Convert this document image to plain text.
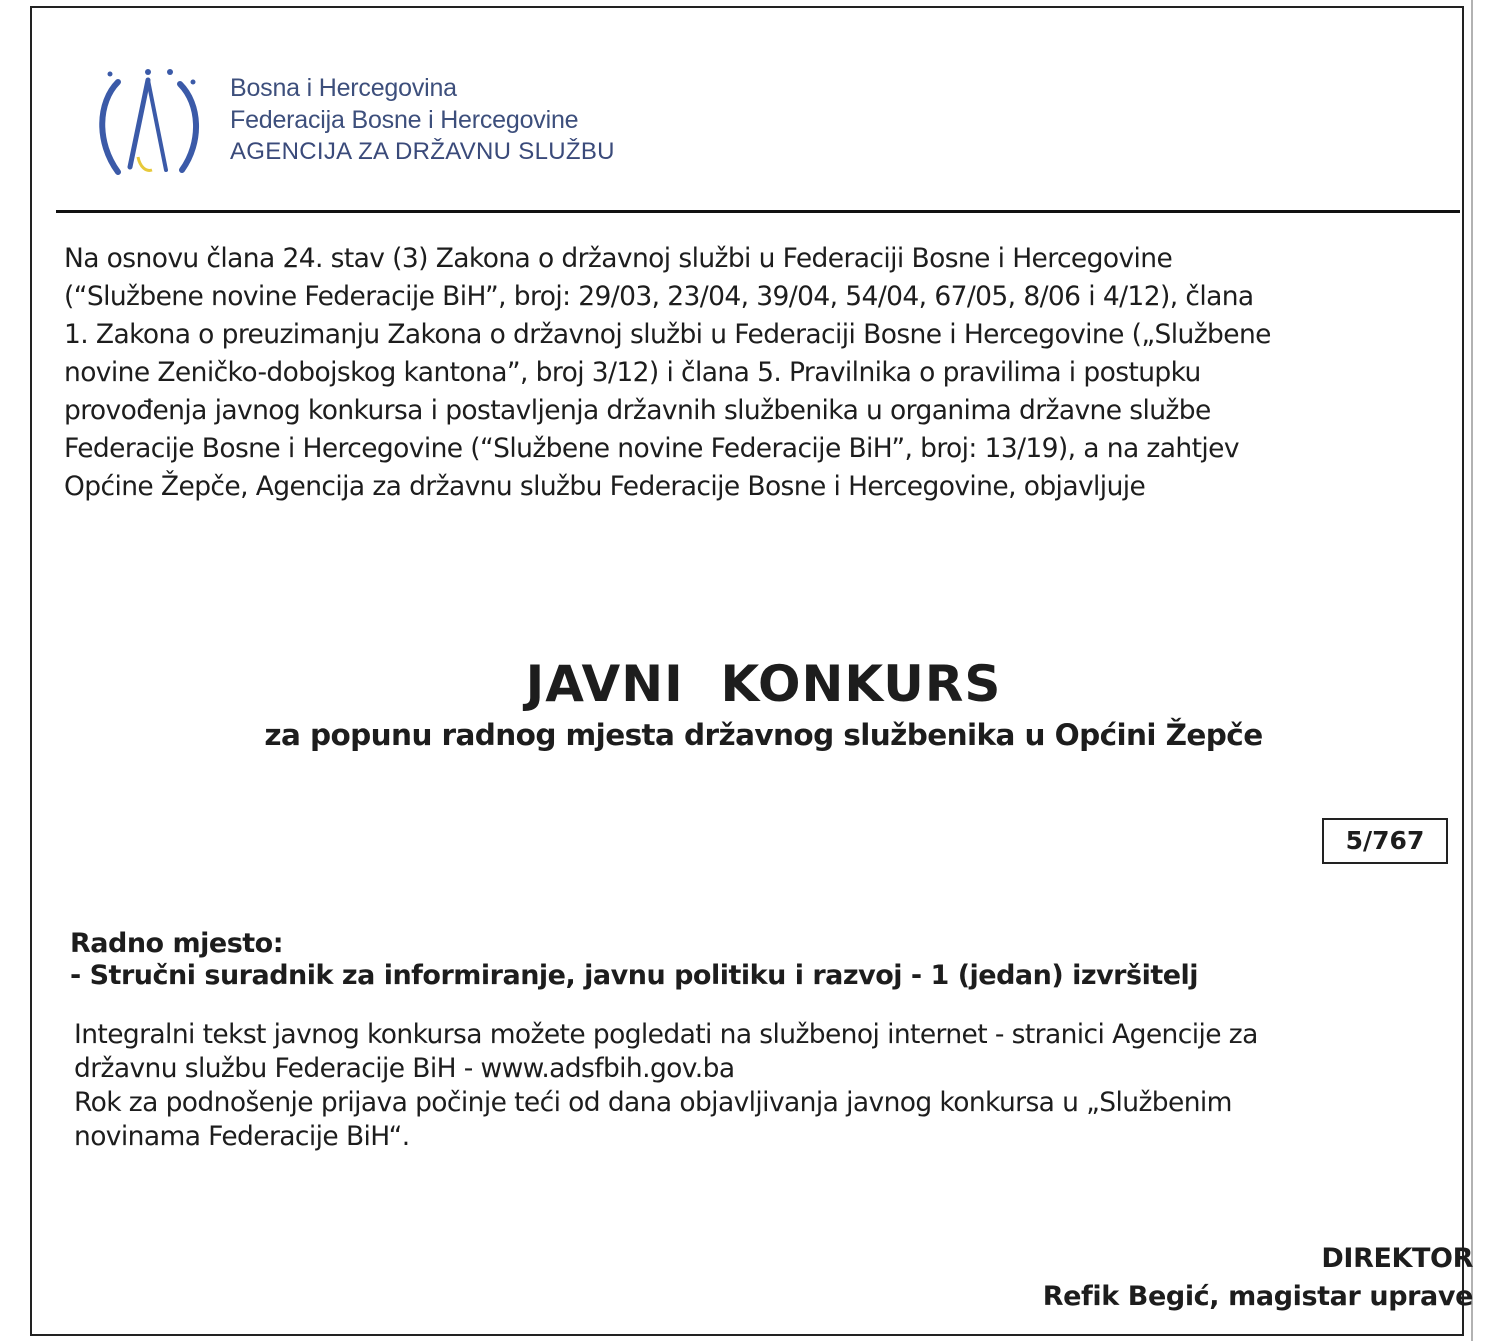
Bosna i Hercegovina
Federacija Bosne i Hercegovine
AGENCIJA ZA DRŽAVNU SLUŽBU
Na osnovu člana 24. stav (3) Zakona o državnoj službi u Federaciji Bosne i Hercegovine
(“Službene novine Federacije BiH”, broj: 29/03, 23/04, 39/04, 54/04, 67/05, 8/06 i 4/12), člana
1. Zakona o preuzimanju Zakona o državnoj službi u Federaciji Bosne i Hercegovine („Službene
novine Zeničko-dobojskog kantona”, broj 3/12) i člana 5. Pravilnika o pravilima i postupku
provođenja javnog konkursa i postavljenja državnih službenika u organima državne službe
Federacije Bosne i Hercegovine (“Službene novine Federacije BiH”, broj: 13/19), a na zahtjev
Općine Žepče, Agencija za državnu službu Federacije Bosne i Hercegovine, objavljuje
JAVNI  KONKURS
za popunu radnog mjesta državnog službenika u Općini Žepče
5/767
Radno mjesto:
- Stručni suradnik za informiranje, javnu politiku i razvoj - 1 (jedan) izvršitelj
Integralni tekst javnog konkursa možete pogledati na službenoj internet - stranici Agencije za
državnu službu Federacije BiH - www.adsfbih.gov.ba
Rok za podnošenje prijava počinje teći od dana objavljivanja javnog konkursa u „Službenim
novinama Federacije BiH“.
DIREKTOR
Refik Begić, magistar uprave
